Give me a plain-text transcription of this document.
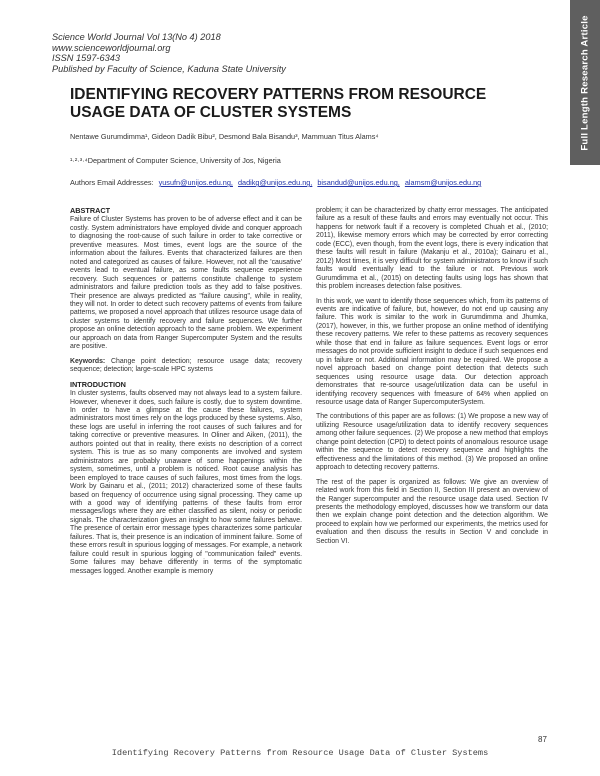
Science World Journal Vol 13(No 4) 2018
www.scienceworldjournal.org
ISSN 1597-6343
Published by Faculty of Science, Kaduna State University	Full Length Research Article
IDENTIFYING RECOVERY PATTERNS FROM RESOURCE USAGE DATA OF CLUSTER SYSTEMS
Nentawe Gurumdimma¹, Gideon Dadik Bibu², Desmond Bala Bisandu³, Mammuan Titus Alams⁴
¹·²·³·⁴Department of Computer Science, University of Jos, Nigeria
Authors Email Addresses: yusufn@unijos.edu.ng, dadikg@unijos.edu.ng, bisandud@unijos.edu.ng, alamsm@unijos.edu.ng
ABSTRACT

Failure of Cluster Systems has proven to be of adverse effect and it can be costly. System administrators have employed divide and conquer approach to diagnosing the root-cause of such failure in order to take corrective or preventive measures. Most times, event logs are the source of the information about the failures. Events that characterized failures are then noted and categorized as causes of failure. However, not all the 'causative' events lead to eventual failure, as some faults sequence experience recovery. Such sequences or patterns constitute challenge to system administrators and failure prediction tools as they add to false positives. Their presence are always predicted as "failure causing", while in reality, they will not. In order to detect such recovery patterns of events from failure patterns, we proposed a novel approach that utilizes resource usage data of cluster systems to identify recovery and failure sequences. We further propose an online detection approach to the same problem. We experiment our approach on data from Ranger Supercomputer System and the results are positive.

Keywords: Change point detection; resource usage data; recovery sequence; detection; large-scale HPC systems

INTRODUCTION

In cluster systems, faults observed may not always lead to a system failure. However, whenever it does, such failure is costly, due to system downtime. In order to have a glimpse at the cause these failures, system administrators most times rely on the logs produced by these systems. Also, these logs are useful in inferring the root causes of such failures and for taking corrective or preventive measures. In Oliner and Aiken, (2011), the authors pointed out that in reality, there exists no description of a correct system. This is true as so many components are involved and system administrators are probably unaware of some happenings within the system, sometimes, until a problem is noticed. Root cause analysis has been employed to trace causes of such failures, most times from the logs. Work by Gainaru et al., (2011; 2012) characterized some of these faults based on frequency of occurrence using signal processing. They came up with a good way of identifying patterns of these faults from error messages/logs where they are either classified as silent, noisy or periodic signals. The characterization gives an insight to how some failures behave. The presence of certain error message types characterizes some particular failures. That is, their presence is an indication of imminent failure. Some of these errors result in spurious logging of messages. For example, a network failure could result in spurious logging of "communication failed" events. Some failures may behave differently in terms of the symptomatic messages logged. Another example is memory

problem; it can be characterized by chatty error messages. The anticipated failure as a result of these faults and errors may eventually not occur. This happens for network fault if a recovery is completed Chuah et al., (2010; 2011), likewise memory errors which may be corrected by error correcting code (ECC), even though, from the event logs, there is every indication that these faults will result in failure (Makanju et al., 2010a); Gainaru et al., 2012) Most times, it is very difficult for system administrators to know if such faults would eventually lead to the failure or not. Previous work Gurumdimma et al., (2015) on detecting faults using logs has shown that this problem increases detection false positives.

In this work, we want to identify those sequences which, from its patterns of events are indicative of failure, but, however, do not end up causing any failure. This work is similar to the work in Gurumdimma and Jhumka, (2017), however, in this, we further propose an online method of identifying these recovery patterns. We refer to these patterns as recovery sequences while those that end in failure as failure sequences. Event logs or error messages do not provide sufficient insight to deduce if such sequences end up in failure or not. Additional information may be required. We propose a novel approach based on change point detection that detects such sequences using resource usage data. Our detection approach demonstrates that re-source usage/utilization data can be useful in identifying recovery sequences with fmeasure of 64% when applied on resource usage data of Ranger SupercomputerSystem.

The contributions of this paper are as follows: (1) We propose a new way of utilizing Resource usage/utilization data to identify recovery sequences among other failure sequences. (2) We propose a new method that employs change point detection (CPD) to detect points of anomalous resource usage within the sequence to detect recovery sequence and highlights the effectiveness and the limitations of this method. (3) We proposed an online approach to detecting recovery patterns.

The rest of the paper is organized as follows: We give an overview of related work from this field in Section II, Section III present an overview of the Ranger supercomputer and the resource usage data used. Section IV presents the methodology employed, discusses how we transform our data then we explain change point detection and the detection algorithm. We proceed to explain how we performed our experiments, the metrics used for evaluation and then discuss the results in Section V and conclude in Section VI.

87
Identifying Recovery Patterns from Resource Usage Data of Cluster Systems
